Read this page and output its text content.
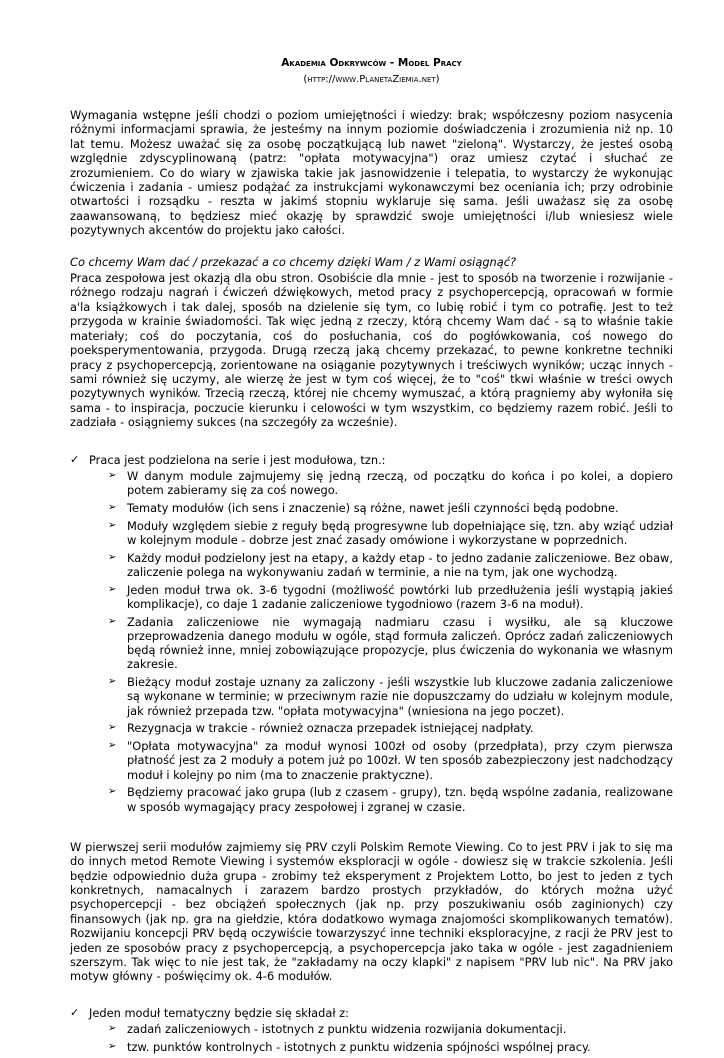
Akademia Odkrywców - Model Pracy
(http://www.PlanetaZiemia.net)

Wymagania wstępne jeśli chodzi o poziom umiejętności i wiedzy: brak; współczesny poziom nasycenia różnymi informacjami sprawia, że jesteśmy na innym poziomie doświadczenia i zrozumienia niż np. 10 lat temu. Możesz uważać się za osobę początkującą lub nawet "zieloną". Wystarczy, że jesteś osobą względnie zdyscyplinowaną (patrz: "opłata motywacyjna") oraz umiesz czytać i słuchać ze zrozumieniem. Co do wiary w zjawiska takie jak jasnowidzenie i telepatia, to wystarczy że wykonując ćwiczenia i zadania - umiesz podążać za instrukcjami wykonawczymi bez oceniania ich; przy odrobinie otwartości i rozsądku - reszta w jakimś stopniu wyklaruje się sama. Jeśli uważasz się za osobę zaawansowaną, to będziesz mieć okazję by sprawdzić swoje umiejętności i/lub wniesiesz wiele pozytywnych akcentów do projektu jako całości.

Co chcemy Wam dać / przekazać a co chcemy dzięki Wam / z Wami osiągnąć?

Praca zespołowa jest okazją dla obu stron. Osobiście dla mnie - jest to sposób na tworzenie i rozwijanie - różnego rodzaju nagrań i ćwiczeń dźwiękowych, metod pracy z psychopercepcją, opracowań w formie a'la książkowych i tak dalej, sposób na dzielenie się tym, co lubię robić i tym co potrafię. Jest to też przygoda w krainie świadomości. Tak więc jedną z rzeczy, którą chcemy Wam dać - są to właśnie takie materiały; coś do poczytania, coś do posłuchania, coś do pogłówkowania, coś nowego do poeksperymentowania, przygoda. Drugą rzeczą jaką chcemy przekazać, to pewne konkretne techniki pracy z psychopercepcją, zorientowane na osiąganie pozytywnych i treściwych wyników; ucząc innych - sami również się uczymy, ale wierzę że jest w tym coś więcej, że to "coś" tkwi właśnie w treści owych pozytywnych wyników. Trzecią rzeczą, której nie chcemy wymuszać, a którą pragniemy aby wyłoniła się sama - to inspiracja, poczucie kierunku i celowości w tym wszystkim, co będziemy razem robić. Jeśli to zadziała - osiągniemy sukces (na szczegóły za wcześnie).

✓ Praca jest podzielona na serie i jest modułowa, tzn.:
➢ W danym module zajmujemy się jedną rzeczą, od początku do końca i po kolei, a dopiero potem zabieramy się za coś nowego.
➢ Tematy modułów (ich sens i znaczenie) są różne, nawet jeśli czynności będą podobne.
➢ Moduły względem siebie z reguły będą progresywne lub dopełniające się, tzn. aby wziąć udział w kolejnym module - dobrze jest znać zasady omówione i wykorzystane w poprzednich.
➢ Każdy moduł podzielony jest na etapy, a każdy etap - to jedno zadanie zaliczeniowe. Bez obaw, zaliczenie polega na wykonywaniu zadań w terminie, a nie na tym, jak one wychodzą.
➢ Jeden moduł trwa ok. 3-6 tygodni (możliwość powtórki lub przedłużenia jeśli wystąpią jakieś komplikacje), co daje 1 zadanie zaliczeniowe tygodniowo (razem 3-6 na moduł).
➢ Zadania zaliczeniowe nie wymagają nadmiaru czasu i wysiłku, ale są kluczowe przeprowadzenia danego modułu w ogóle, stąd formuła zaliczeń. Oprócz zadań zaliczeniowych będą również inne, mniej zobowiązujące propozycje, plus ćwiczenia do wykonania we własnym zakresie.
➢ Bieżący moduł zostaje uznany za zaliczony - jeśli wszystkie lub kluczowe zadania zaliczeniowe są wykonane w terminie; w przeciwnym razie nie dopuszczamy do udziału w kolejnym module, jak również przepada tzw. "opłata motywacyjna" (wniesiona na jego poczet).
➢ Rezygnacja w trakcie - również oznacza przepadek istniejącej nadpłaty.
➢ "Opłata motywacyjna" za moduł wynosi 100zł od osoby (przedpłata), przy czym pierwsza płatność jest za 2 moduły a potem już po 100zł. W ten sposób zabezpieczony jest nadchodzący moduł i kolejny po nim (ma to znaczenie praktyczne).
➢ Będziemy pracować jako grupa (lub z czasem - grupy), tzn. będą wspólne zadania, realizowane w sposób wymagający pracy zespołowej i zgranej w czasie.

W pierwszej serii modułów zajmiemy się PRV czyli Polskim Remote Viewing. Co to jest PRV i jak to się ma do innych metod Remote Viewing i systemów eksploracji w ogóle - dowiesz się w trakcie szkolenia. Jeśli będzie odpowiednio duża grupa - zrobimy też eksperyment z Projektem Lotto, bo jest to jeden z tych konkretnych, namacalnych i zarazem bardzo prostych przykładów, do których można użyć psychopercepcji - bez obciążeń społecznych (jak np. przy poszukiwaniu osób zaginionych) czy finansowych (jak np. gra na giełdzie, która dodatkowo wymaga znajomości skomplikowanych tematów). Rozwijaniu koncepcji PRV będą oczywiście towarzyszyć inne techniki eksploracyjne, z racji że PRV jest to jeden ze sposobów pracy z psychopercepcją, a psychopercepcja jako taka w ogóle - jest zagadnieniem szerszym. Tak więc to nie jest tak, że "zakładamy na oczy klapki" z napisem "PRV lub nic". Na PRV jako motyw główny - poświęcimy ok. 4-6 modułów.

✓ Jeden moduł tematyczny będzie się składał z:
➢ zadań zaliczeniowych - istotnych z punktu widzenia rozwijania dokumentacji.
➢ tzw. punktów kontrolnych - istotnych z punktu widzenia spójności wspólnej pracy.
